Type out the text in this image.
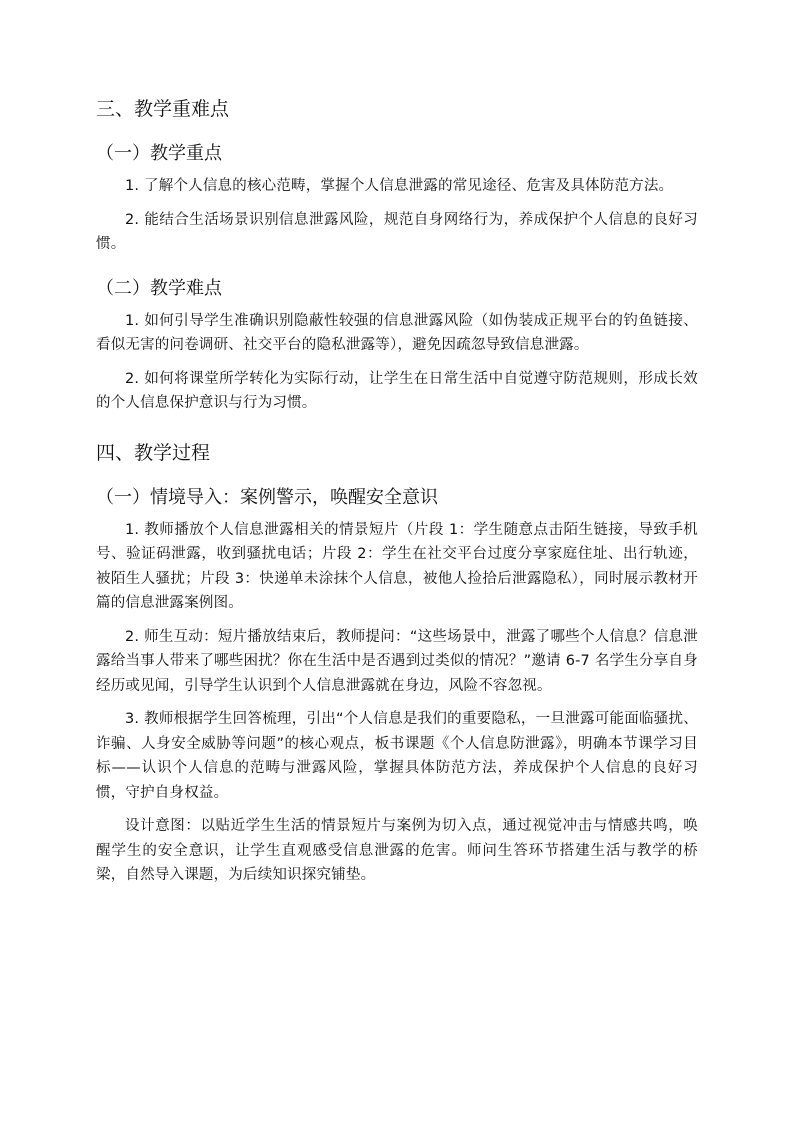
三、教学重难点
（一）教学重点

1. 了解个人信息的核心范畴，掌握个人信息泄露的常见途径、危害及具体防范方法。

2. 能结合生活场景识别信息泄露风险，规范自身网络行为，养成保护个人信息的良好习惯。

（二）教学难点

1. 如何引导学生准确识别隐蔽性较强的信息泄露风险（如伪装成正规平台的钓鱼链接、看似无害的问卷调研、社交平台的隐私泄露等），避免因疏忽导致信息泄露。

2. 如何将课堂所学转化为实际行动，让学生在日常生活中自觉遵守防范规则，形成长效的个人信息保护意识与行为习惯。

四、教学过程
（一）情境导入：案例警示，唤醒安全意识

1. 教师播放个人信息泄露相关的情景短片（片段 1：学生随意点击陌生链接，导致手机号、验证码泄露，收到骚扰电话；片段 2：学生在社交平台过度分享家庭住址、出行轨迹，被陌生人骚扰；片段 3：快递单未涂抹个人信息，被他人捡拾后泄露隐私），同时展示教材开篇的信息泄露案例图。

2. 师生互动：短片播放结束后，教师提问：“这些场景中，泄露了哪些个人信息？信息泄露给当事人带来了哪些困扰？你在生活中是否遇到过类似的情况？”邀请 6-7 名学生分享自身经历或见闻，引导学生认识到个人信息泄露就在身边，风险不容忽视。

3. 教师根据学生回答梳理，引出“个人信息是我们的重要隐私，一旦泄露可能面临骚扰、诈骗、人身安全威胁等问题”的核心观点，板书课题《个人信息防泄露》，明确本节课学习目标——认识个人信息的范畴与泄露风险，掌握具体防范方法，养成保护个人信息的良好习惯，守护自身权益。

设计意图：以贴近学生生活的情景短片与案例为切入点，通过视觉冲击与情感共鸣，唤醒学生的安全意识，让学生直观感受信息泄露的危害。师问生答环节搭建生活与教学的桥梁，自然导入课题，为后续知识探究铺垫。
